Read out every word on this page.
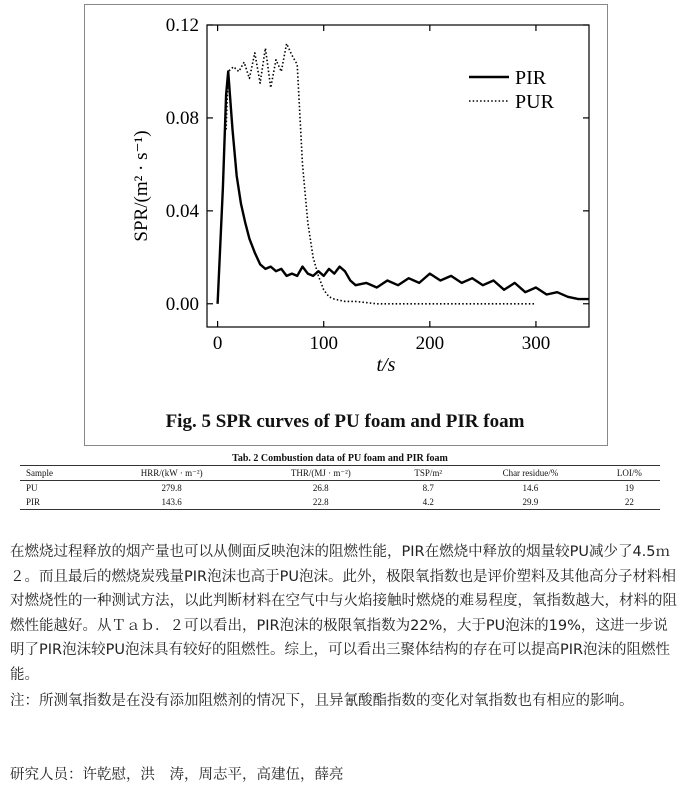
0	100	200	300
0.00
0.04
0.08
0.12
t/s
SPR/(m² · s⁻¹)
PIR
PUR
Fig. 5 SPR curves of PU foam and PIR foam
Tab. 2 Combustion data of PU foam and PIR foam
Sample	HRR/(kW · m⁻²)	THR/(MJ · m⁻²)	TSP/m²	Char residue/%	LOI/%
PU	279.8	26.8	8.7	14.6	19
PIR	143.6	22.8	4.2	29.9	22

在燃烧过程释放的烟产量也可以从侧面反映泡沫的阻燃性能，PIR在燃烧中释放的烟量较PU减少了4.5ｍ２。而且最后的燃烧炭残量PIR泡沫也高于PU泡沫。此外，极限氧指数也是评价塑料及其他高分子材料相对燃烧性的一种测试方法，以此判断材料在空气中与火焰接触时燃烧的难易程度，氧指数越大，材料的阻燃性能越好。从Ｔａｂ．２可以看出，PIR泡沫的极限氧指数为22%，大于PU泡沫的19%，这进一步说明了PIR泡沫较PU泡沫具有较好的阻燃性。综上，可以看出三聚体结构的存在可以提高PIR泡沫的阻燃性能。

注：所测氧指数是在没有添加阻燃剂的情况下，且异氰酸酯指数的变化对氧指数也有相应的影响。

研究人员：许乾慰，洪　涛，周志平，高建伍，薛亮
